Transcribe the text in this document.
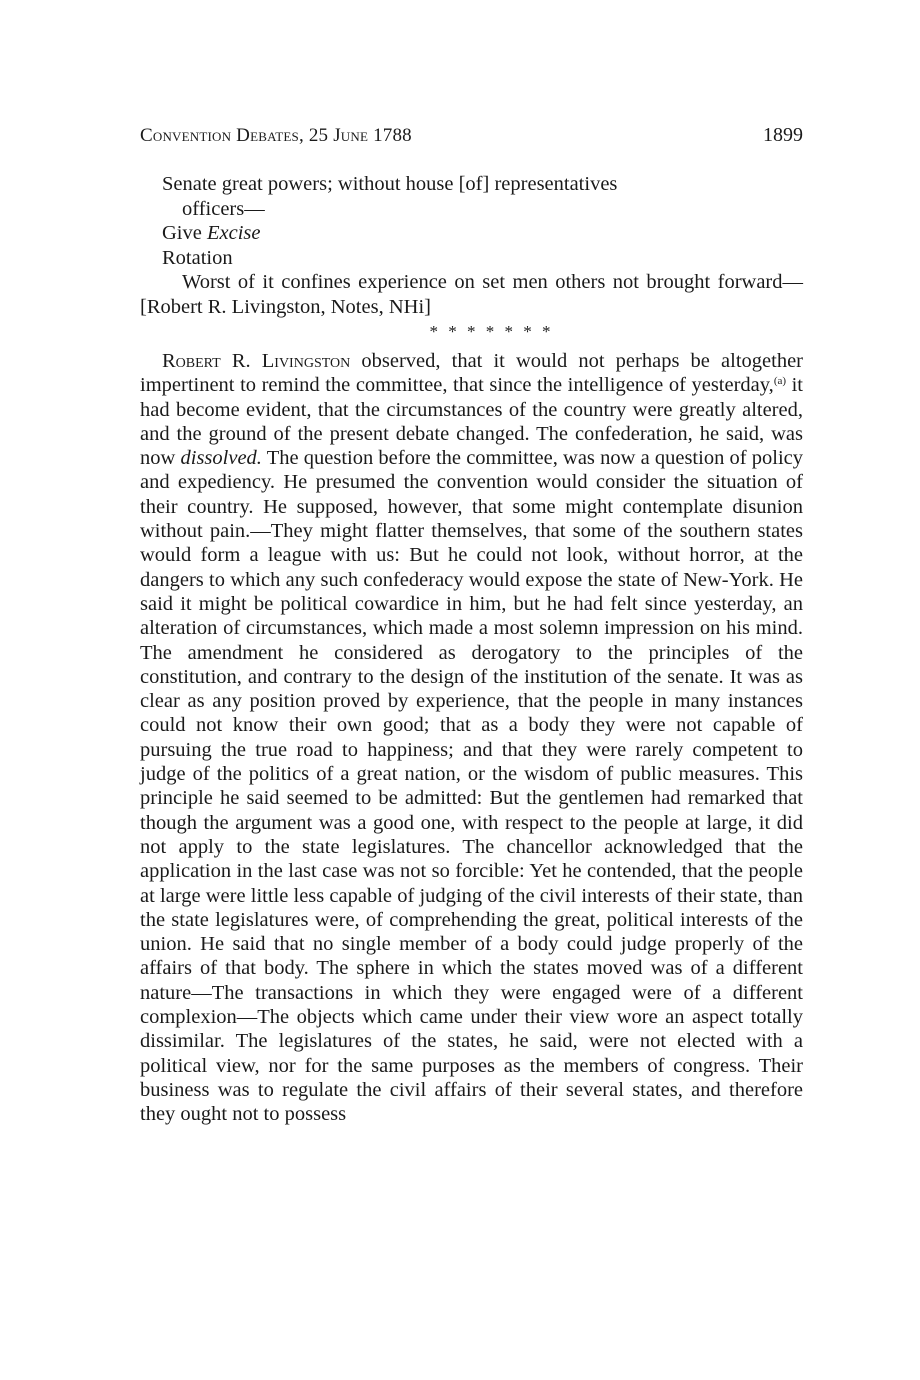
Convention Debates, 25 June 1788	1899
Senate great powers; without house [of] representatives
officers—
Give Excise
Rotation
Worst of it confines experience on set men others not brought forward— [Robert R. Livingston, Notes, NHi]
* * * * * * *
Robert R. Livingston observed, that it would not perhaps be altogether impertinent to remind the committee, that since the intelligence of yesterday,$^{(a)}$ it had become evident, that the circumstances of the country were greatly altered, and the ground of the present debate changed. The confederation, he said, was now dissolved. The question before the committee, was now a question of policy and expediency. He presumed the convention would consider the situation of their country. He supposed, however, that some might contemplate disunion without pain.—They might flatter themselves, that some of the southern states would form a league with us: But he could not look, without horror, at the dangers to which any such confederacy would expose the state of New-York. He said it might be political cowardice in him, but he had felt since yesterday, an alteration of circumstances, which made a most solemn impression on his mind. The amendment he considered as derogatory to the principles of the constitution, and contrary to the design of the institution of the senate. It was as clear as any position proved by experience, that the people in many instances could not know their own good; that as a body they were not capable of pursuing the true road to happiness; and that they were rarely competent to judge of the politics of a great nation, or the wisdom of public measures. This principle he said seemed to be admitted: But the gentlemen had remarked that though the argument was a good one, with respect to the people at large, it did not apply to the state legislatures. The chancellor acknowledged that the application in the last case was not so forcible: Yet he contended, that the people at large were little less capable of judging of the civil interests of their state, than the state legislatures were, of comprehending the great, political interests of the union. He said that no single member of a body could judge properly of the affairs of that body. The sphere in which the states moved was of a different nature—The transactions in which they were engaged were of a different complexion—The objects which came under their view wore an aspect totally dissimilar. The legislatures of the states, he said, were not elected with a political view, nor for the same purposes as the members of congress. Their business was to regulate the civil affairs of their several states, and therefore they ought not to possess
